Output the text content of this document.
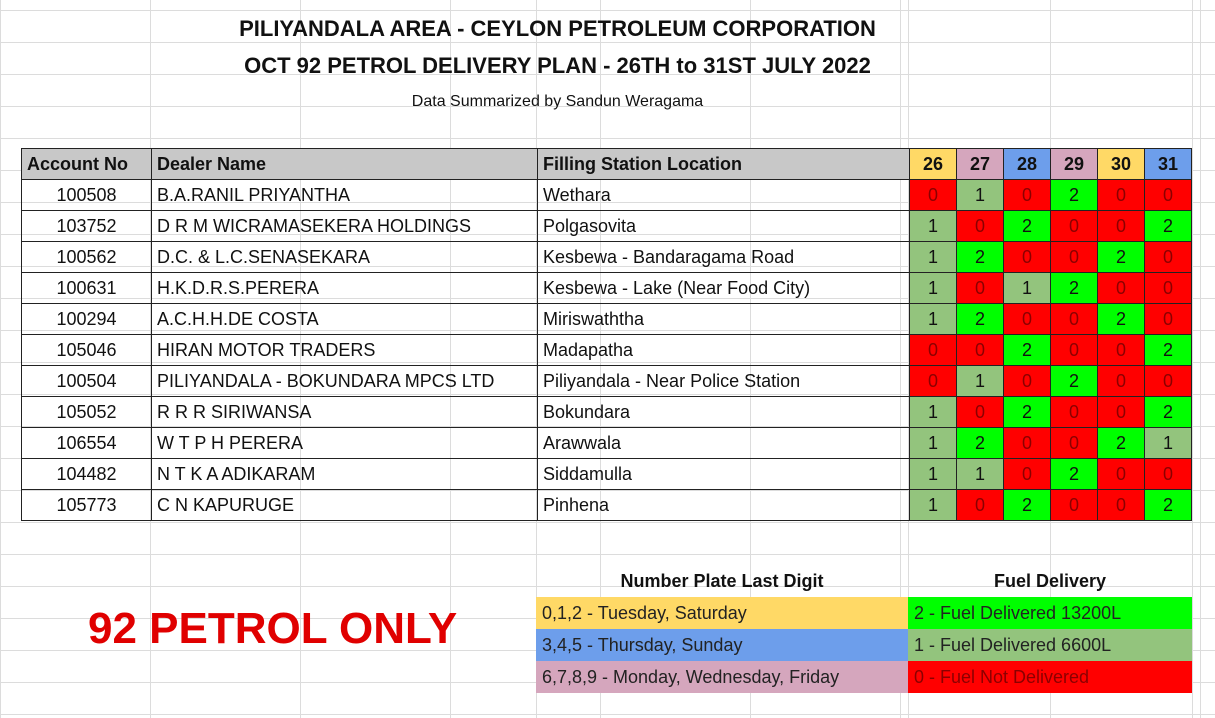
PILIYANDALA AREA - CEYLON PETROLEUM CORPORATION
OCT 92 PETROL DELIVERY PLAN - 26TH to 31ST JULY 2022
Data Summarized by Sandun Weragama
Account No	Dealer Name	Filling Station Location	26	27	28	29	30	31
100508	B.A.RANIL PRIYANTHA	Wethara	0	1	0	2	0	0
103752	D R M WICRAMASEKERA HOLDINGS	Polgasovita	1	0	2	0	0	2
100562	D.C. & L.C.SENASEKARA	Kesbewa - Bandaragama Road	1	2	0	0	2	0
100631	H.K.D.R.S.PERERA	Kesbewa - Lake (Near Food City)	1	0	1	2	0	0
100294	A.C.H.H.DE COSTA	Miriswaththa	1	2	0	0	2	0
105046	HIRAN MOTOR TRADERS	Madapatha	0	0	2	0	0	2
100504	PILIYANDALA - BOKUNDARA MPCS LTD	Piliyandala - Near Police Station	0	1	0	2	0	0
105052	R R R SIRIWANSA	Bokundara	1	0	2	0	0	2
106554	W T P H PERERA	Arawwala	1	2	0	0	2	1
104482	N T K A ADIKARAM	Siddamulla	1	1	0	2	0	0
105773	C N KAPURUGE	Pinhena	1	0	2	0	0	2
Number Plate Last Digit	Fuel Delivery
0,1,2 - Tuesday, Saturday
3,4,5 - Thursday, Sunday
6,7,8,9 - Monday, Wednesday, Friday
2 - Fuel Delivered 13200L
1 - Fuel Delivered 6600L
0 - Fuel Not Delivered
92 PETROL ONLY
